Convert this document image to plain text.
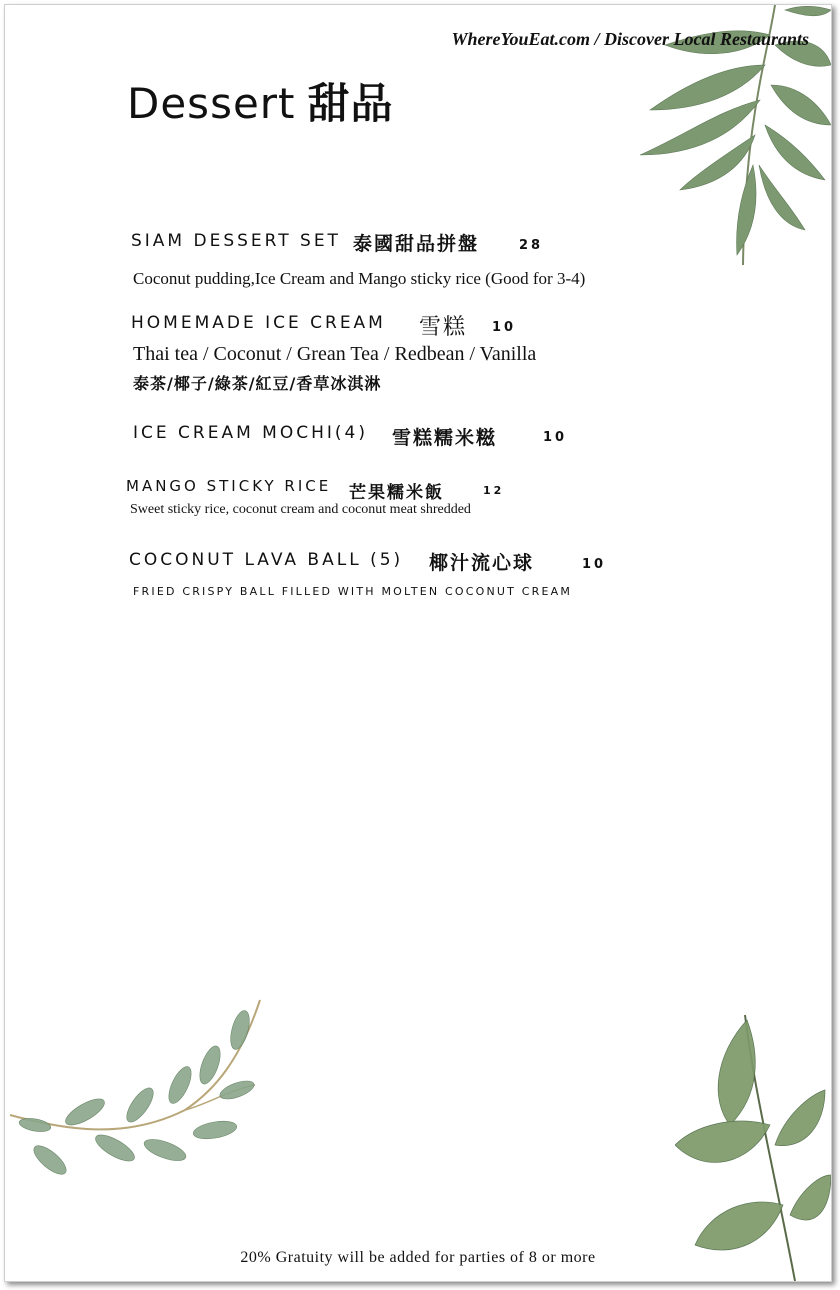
WhereYouEat.com / Discover Local Restaurants
Dessert 甜品
SIAM DESSERT SET 泰國甜品拼盤	28
Coconut pudding,Ice Cream and Mango sticky rice (Good for 3-4)
HOMEMADE ICE CREAM 雪糕 10
Thai tea / Coconut / Grean Tea / Redbean / Vanilla
泰茶/椰子/綠茶/紅豆/香草冰淇淋
ICE CREAM MOCHI(4) 雪糕糯米糍	10
MANGO STICKY RICE 芒果糯米飯	12
Sweet sticky rice, coconut cream and coconut meat shredded
COCONUT LAVA BALL (5) 椰汁流心球	10
FRIED CRISPY BALL FILLED WITH MOLTEN COCONUT CREAM
20% Gratuity will be added for parties of 8 or more
